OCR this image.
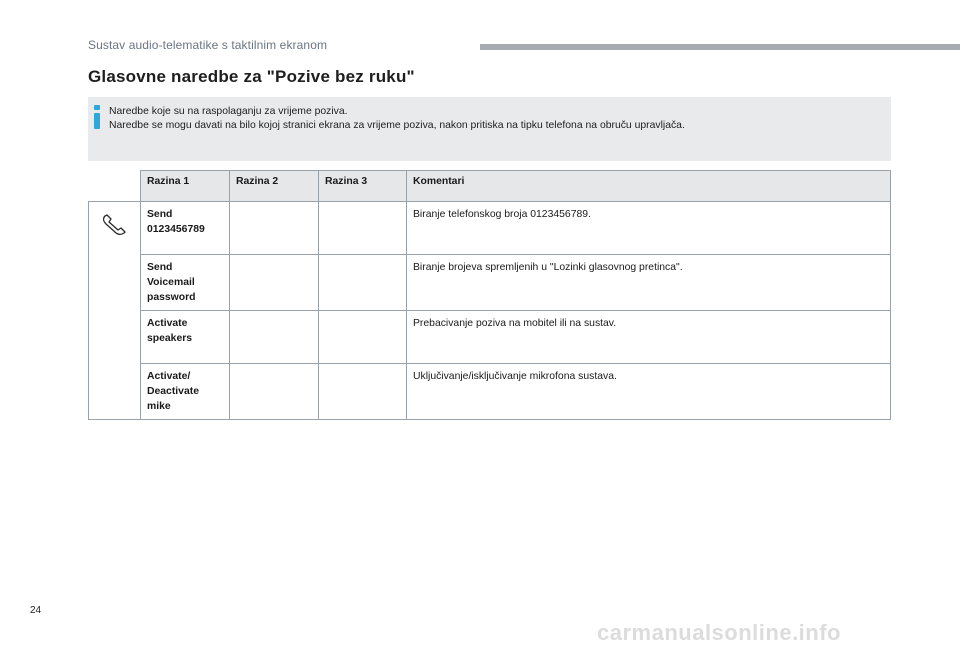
Sustav audio-telematike s taktilnim ekranom
Glasovne naredbe za "Pozive bez ruku"
Naredbe koje su na raspolaganju za vrijeme poziva.
Naredbe se mogu davati na bilo kojoj stranici ekrana za vrijeme poziva, nakon pritiska na tipku telefona na obruču upravljača.
	Razina 1	Razina 2	Razina 3	Komentari
	Send
0123456789			Biranje telefonskog broja 0123456789.
	Send
Voicemail
password			Biranje brojeva spremljenih u "Lozinki glasovnog pretinca".
	Activate
speakers			Prebacivanje poziva na mobitel ili na sustav.
	Activate/
Deactivate
mike			Uključivanje/isključivanje mikrofona sustava.
24
carmanualsonline.info
